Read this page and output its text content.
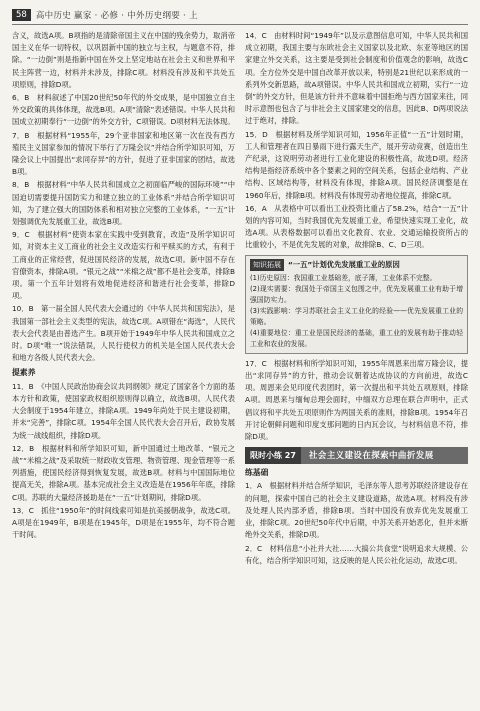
58	高中历史 赢家 · 必修 · 中外历史纲要 · 上

含义，故选A项。B项指的是清除帝国主义在中国的残余势力，取消帝国主义在华一切特权，以巩固新中国的独立与主权，与题意不符，排除。“一边倒”则是指新中国在外交上坚定地站在社会主义和世界和平民主阵营一边，材料并未涉及，排除C项。材料没有涉及和平共处五项原则，排除D项。

6．B　材料叙述了中国20世纪50年代的外交成果，是中国独立自主外交政策的具体体现，故选B项。A项“清除”表述错误。中华人民共和国成立初期奉行“一边倒”的外交方针，C项错误。D项材料无法体现。

7．B　根据材料“1955年，29个亚非国家和地区第一次在没有西方殖民主义国家参加的情况下举行了万隆会议”并结合所学知识可知，万隆会议上中国提出“求同存异”的方针，促进了亚非国家的团结，故选B项。

8．B　根据材料“中华人民共和国成立之初面临严峻的国际环境”“中国迫切需要提升国防实力和建立独立的工业体系”并结合所学知识可知，为了建立强大的国防体系和相对独立完整的工业体系，“一五”计划强调优先发展重工业，故选B项。

9．C　根据材料“使资本家在实践中受到教育，改造”及所学知识可知，对资本主义工商业的社会主义改造实行和平赎买的方式，有利于工商业的正常经营，促进国民经济的发展，故选C项。新中国不存在官僚资本，排除A项。“银元之战”“米棉之战”都不是社会变革，排除B项。第一个五年计划将有效地促进经济和谐进行社会变革，排除D项。

10．B　第一届全国人民代表大会通过的《中华人民共和国宪法》，是我国第一部社会主义类型的宪法，故选C项。A项错在“海选”，人民代表大会代表是由普选产生。B项开始于1949年中华人民共和国成立之时。D项“唯一”说法错误，人民行使权力的机关是全国人民代表大会和地方各级人民代表大会。

提素养

11．B　《中国人民政治协商会议共同纲领》规定了国家各个方面的基本方针和政策，使国家政权组织原则得以确立，故选B项。人民代表大会制度于1954年建立，排除A项。1949年尚处于民主建设初期，并未“完善”，排除C项。1954年全国人民代表大会召开后，政协发展为统一战线组织，排除D项。

12．B　根据材料和所学知识可知，新中国通过土地改革、“银元之战”“米棉之战”及采取统一财政收支管理、物资管理、现金管理等一系列措施，使国民经济得到恢复发展，故选B项。材料与中国国际地位提高无关，排除A项。基本完成社会主义改造是在1956年年底，排除C项。苏联的大量经济援助是在“一五”计划期间，排除D项。

13．C　抓住“1950年”的时间线索可知是抗美援朝战争，故选C项。A项是在1949年，B项是在1945年，D项是在1955年，均不符合题干时间。

14．C　由材料时间“1949年”以及示意图信息可知，中华人民共和国成立初期，我国主要与东欧社会主义国家以及北欧、东亚等地区的国家建立外交关系，这主要是受到社会制度和价值观念的影响，故选C项。全方位外交是中国自改革开放以来，特别是21世纪以来形成的一系列外交新思路，故A项错误。中华人民共和国成立初期，实行“一边倒”的外交方针，但是该方针并不意味着中国拒绝与西方国家来往，同时示意图也包含了与非社会主义国家建交的信息，因此B、D两项说法过于绝对，排除。

15．D　根据材料及所学知识可知，1956年正值“一五”计划时期，工人和管理者在四日暴雨下进行露天生产，展开劳动竞赛，创造出生产纪录，这说明劳动者进行工业化建设的积极性高，故选D项。经济结构是指经济系统中各个要素之间的空间关系，包括企业结构、产业结构、区域结构等，材料没有体现，排除A项。国民经济调整是在1960年后，排除B项。材料没有体现劳动者地位提高，排除C项。

16．A　从表格中可以看出工业投资比重占了58.2%，结合“一五”计划的内容可知，当时我国优先发展重工业，希望快速实现工业化，故选A项。从表格数据可以看出文化教育、农业、交通运输投资所占的比重较小，不是优先发展的对象，故排除B、C、D三项。

知识拓展 “一五”计划优先发展重工业的原因

(1)历史原因：我国重工业基础差，底子薄，工业体系不完整。

(2)现实需要：我国处于帝国主义包围之中，优先发展重工业有助于增强国防实力。

(3)实践影响：学习苏联社会主义工业化的经验——优先发展重工业的策略。

(4)重要地位：重工业是国民经济的基础，重工业的发展有助于推动轻工业和农业的发展。

17．C　根据材料和所学知识可知，1955年周恩来出席万隆会议，提出“求同存异”的方针，推动会议朝着达成协议的方向前进，故选C项。周恩来会见印度代表团时，第一次提出和平共处五项原则，排除A项。周恩来与缅甸总理会面时，中缅双方总理在联合声明中，正式倡议将和平共处五项原则作为两国关系的准则，排除B项。1954年召开讨论朝鲜问题和印度支那问题的日内瓦会议，与材料信息不符，排除D项。

限时小练 27	社会主义建设在探索中曲折发展
练基础

1．A　根据材料并结合所学知识，毛泽东等人思考苏联经济建设存在的问题，探索中国自己的社会主义建设道路，故选A项。材料没有涉及处理人民内部矛盾，排除B项。当时中国没有放弃优先发展重工业，排除C项。20世纪50年代中后期，中苏关系开始恶化，但并未断绝外交关系，排除D项。

2．C　材料信息“小社并大社……大搞公共食堂”说明追求大规模、公有化，结合所学知识可知，这反映的是人民公社化运动，故选C项。
